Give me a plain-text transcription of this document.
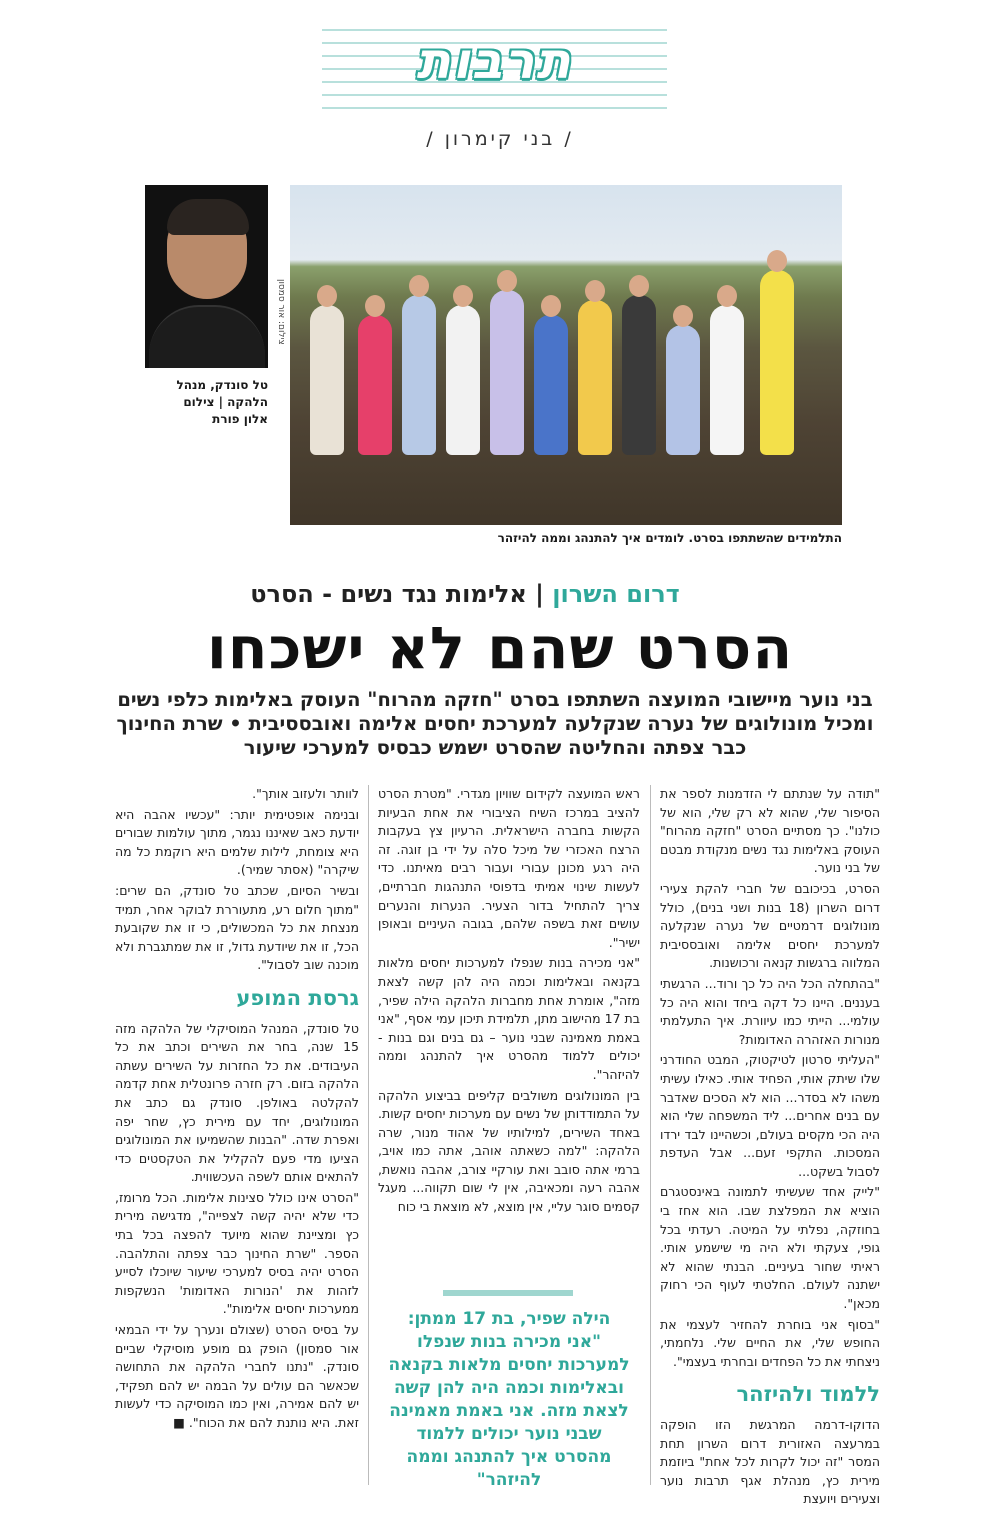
תרבות
/ בני קימרון /
צילום: אור סמסון
טל סונדק, מנהל
הלהקה | צילום
אלון פורת
התלמידים שהשתתפו בסרט. לומדים איך להתנהג וממה להיזהר
דרום השרון | אלימות נגד נשים - הסרט
הסרט שהם לא ישכחו
בני נוער מיישובי המועצה השתתפו בסרט "חזקה מהרוח" העוסק באלימות כלפי נשים
ומכיל מונולוגים של נערה שנקלעה למערכת יחסים אלימה ואובססיבית • שרת החינוך
כבר צפתה והחליטה שהסרט ישמש כבסיס למערכי שיעור

"תודה על שנתתם לי הזדמנות לספר את הסיפור שלי, שהוא לא רק שלי, הוא של כולנו". כך מסתיים הסרט "חזקה מהרוח" העוסק באלימות נגד נשים מנקודת מבטם של בני נוער.

הסרט, בכיכובם של חברי להקת צעירי דרום השרון (18 בנות ושני בנים), כולל מונולוגים דרמטיים של נערה שנקלעה למערכת יחסים אלימה ואובססיבית המלווה ברגשות קנאה ורכושנות.

"בהתחלה הכל היה כל כך ורוד... הרגשתי בעננים. היינו כל דקה ביחד והוא היה כל עולמי... הייתי כמו עיוורת. איך התעלמתי מנורות האזהרה האדומות?

"העליתי סרטון לטיקטוק, המבט החודרני שלו שיתק אותי, הפחיד אותי. כאילו עשיתי משהו לא בסדר... הוא לא הסכים שאדבר עם בנים אחרים... ליד המשפחה שלי הוא היה הכי מקסים בעולם, וכשהיינו לבד ירדו המסכות. התקפי זעם... אבל העדפת לסבול בשקט...

"לייק אחד שעשיתי לתמונה באינסטגרם הוציא את המפלצת שבו. הוא אחז בי בחוזקה, נפלתי על המיטה. רעדתי בכל גופי, צעקתי ולא היה מי שישמע אותי. ראיתי שחור בעיניים. הבנתי שהוא לא ישתנה לעולם. החלטתי לעוף הכי רחוק מכאן".

"בסוף אני בוחרת להחזיר לעצמי את החופש שלי, את החיים שלי. נלחמתי, ניצחתי את כל הפחדים ובחרתי בעצמי".

ללמוד ולהיזהר

הדוקו-דרמה המרגשת הזו הופקה במרעצה האזורית דרום השרון תחת המסר "זה יכול לקרות לכל אחת" ביוזמת מירית כץ, מנהלת אגף תרבות נוער וצעירים ויועצת

ראש המועצה לקידום שוויון מגדרי. "מטרת הסרט להציב במרכז השיח הציבורי את אחת הבעיות הקשות בחברה הישראלית. הרעיון צץ בעקבות הרצח האכזרי של מיכל סלה על ידי בן זוגה. זה היה רגע מכונן עבורי ועבור רבים מאיתנו. כדי לעשות שינוי אמיתי בדפוסי התנהגות חברתיים, צריך להתחיל בדור הצעיר. הנערות והנערים עושים זאת בשפה שלהם, בגובה העיניים ובאופן ישיר".

"אני מכירה בנות שנפלו למערכות יחסים מלאות בקנאה ובאלימות וכמה היה להן קשה לצאת מזה", אומרת אחת מחברות הלהקה הילה שפיר, בת 17 מהישוב מתן, תלמידת תיכון עמי אסף, "אני באמת מאמינה שבני נוער – גם בנים וגם בנות - יכולים ללמוד מהסרט איך להתנהג וממה להיזהר".

בין המונולוגים משולבים קליפים בביצוע הלהקה על התמודדותן של נשים עם מערכות יחסים קשות. באחד השירים, למילותיו של אהוד מנור, שרה הלהקה: "למה כשאתה אוהב, אתה כמו אויב, ברמי אתה סובב ואת עורקיי צורב, אהבה נואשת, אהבה רעה ומכאיבה, אין לי שום תקווה... מעגל קסמים סוגר עליי, אין מוצא, לא מוצאת בי כוח

הילה שפיר, בת 17 ממתן: "אני מכירה בנות שנפלו למערכות יחסים מלאות בקנאה ובאלימות וכמה היה להן קשה לצאת מזה. אני באמת מאמינה שבני נוער יכולים ללמוד מהסרט איך להתנהג וממה להיזהר"

לוותר ולעזוב אותך".

ובנימה אופטימית יותר: "עכשיו אהבה היא יודעת כאב שאיננו נגמר, מתוך עולמות שבורים היא צומחת, לילות שלמים היא רוקמת כל מה שיקרה" (אסתר שמיר).

ובשיר הסיום, שכתב טל סונדק, הם שרים: "מתוך חלום רע, מתעוררת לבוקר אחר, תמיד מנצחת את כל המכשולים, כי זו את שקובעת הכל, זו את שיודעת גדול, זו את שמתגברת ולא מוכנה שוב לסבול".

גרסת המופע

טל סונדק, המנהל המוסיקלי של הלהקה מזה 15 שנה, בחר את השירים וכתב את כל העיבודים. את כל החזרות על השירים עשתה הלהקה בזום. רק חזרה פרונטלית אחת קדמה להקלטה באולפן. סונדק גם כתב את המונולוגים, יחד עם מירית כץ, שחר יפה ואפרת שדה. "הבנות שהשמיעו את המונולוגים הציעו מדי פעם להקליל את הטקסטים כדי להתאים אותם לשפה העכשווית.

"הסרט אינו כולל סצינות אלימות. הכל מרומז, כדי שלא יהיה קשה לצפייה", מדגישה מירית כץ ומציינת שהוא מיועד להפצה בכל בתי הספר. "שרת החינוך כבר צפתה והתלהבה. הסרט יהיה בסיס למערכי שיעור שיוכלו לסייע לזהות את 'הנורות האדומות' הנשקפות ממערכות יחסים אלימות".

על בסיס הסרט (שצולם ונערך על ידי הבמאי אור סמסון) הופק גם מופע מוסיקלי שביים סונדק. "נתנו לחברי הלהקה את התחושה שכאשר הם עולים על הבמה יש להם תפקיד, יש להם אמירה, ואין כמו המוסיקה כדי לעשות זאת. היא נותנת להם את הכוח". ■
